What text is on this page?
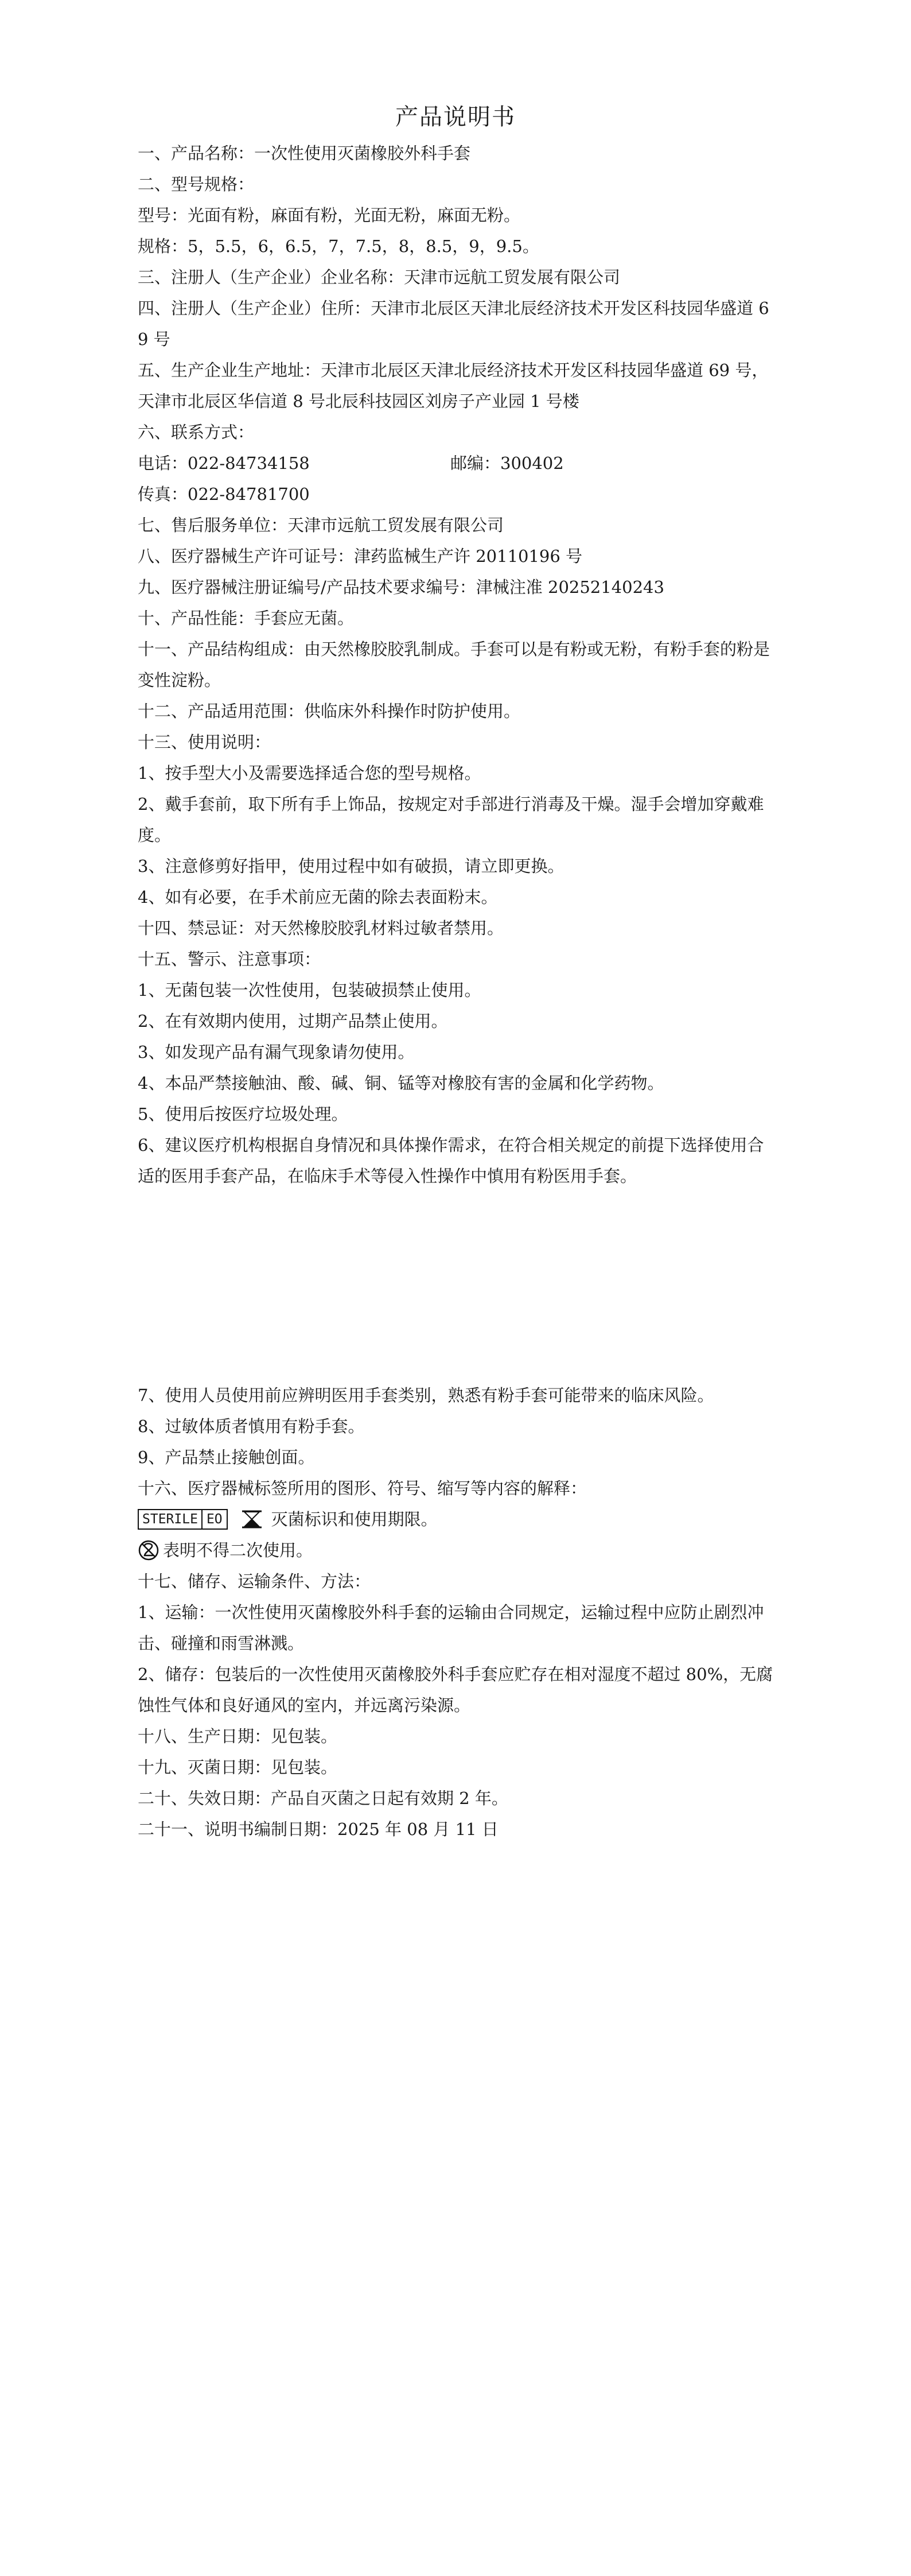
产品说明书
一、产品名称：一次性使用灭菌橡胶外科手套
二、型号规格：
型号：光面有粉，麻面有粉，光面无粉，麻面无粉。
规格：5，5.5，6，6.5，7，7.5，8，8.5，9，9.5。
三、注册人（生产企业）企业名称：天津市远航工贸发展有限公司
四、注册人（生产企业）住所：天津市北辰区天津北辰经济技术开发区科技园华盛道 69 号
五、生产企业生产地址：天津市北辰区天津北辰经济技术开发区科技园华盛道 69 号，天津市北辰区华信道 8 号北辰科技园区刘房子产业园 1 号楼
六、联系方式：
电话：022-84734158	邮编：300402
传真：022-84781700
七、售后服务单位：天津市远航工贸发展有限公司
八、医疗器械生产许可证号：津药监械生产许 20110196 号
九、医疗器械注册证编号/产品技术要求编号：津械注准 20252140243
十、产品性能：手套应无菌。
十一、产品结构组成：由天然橡胶胶乳制成。手套可以是有粉或无粉，有粉手套的粉是变性淀粉。
十二、产品适用范围：供临床外科操作时防护使用。
十三、使用说明：
1、按手型大小及需要选择适合您的型号规格。
2、戴手套前，取下所有手上饰品，按规定对手部进行消毒及干燥。湿手会增加穿戴难度。
3、注意修剪好指甲，使用过程中如有破损，请立即更换。
4、如有必要，在手术前应无菌的除去表面粉末。
十四、禁忌证：对天然橡胶胶乳材料过敏者禁用。
十五、警示、注意事项：
1、无菌包装一次性使用，包装破损禁止使用。
2、在有效期内使用，过期产品禁止使用。
3、如发现产品有漏气现象请勿使用。
4、本品严禁接触油、酸、碱、铜、锰等对橡胶有害的金属和化学药物。
5、使用后按医疗垃圾处理。
6、建议医疗机构根据自身情况和具体操作需求，在符合相关规定的前提下选择使用合适的医用手套产品，在临床手术等侵入性操作中慎用有粉医用手套。
7、使用人员使用前应辨明医用手套类别，熟悉有粉手套可能带来的临床风险。
8、过敏体质者慎用有粉手套。
9、产品禁止接触创面。
十六、医疗器械标签所用的图形、符号、缩写等内容的解释：
STERILE EO	灭菌标识和使用期限。
表明不得二次使用。
十七、储存、运输条件、方法：
1、运输：一次性使用灭菌橡胶外科手套的运输由合同规定，运输过程中应防止剧烈冲击、碰撞和雨雪淋溅。
2、储存：包装后的一次性使用灭菌橡胶外科手套应贮存在相对湿度不超过 80%，无腐蚀性气体和良好通风的室内，并远离污染源。
十八、生产日期：见包装。
十九、灭菌日期：见包装。
二十、失效日期：产品自灭菌之日起有效期 2 年。
二十一、说明书编制日期：2025 年 08 月 11 日
